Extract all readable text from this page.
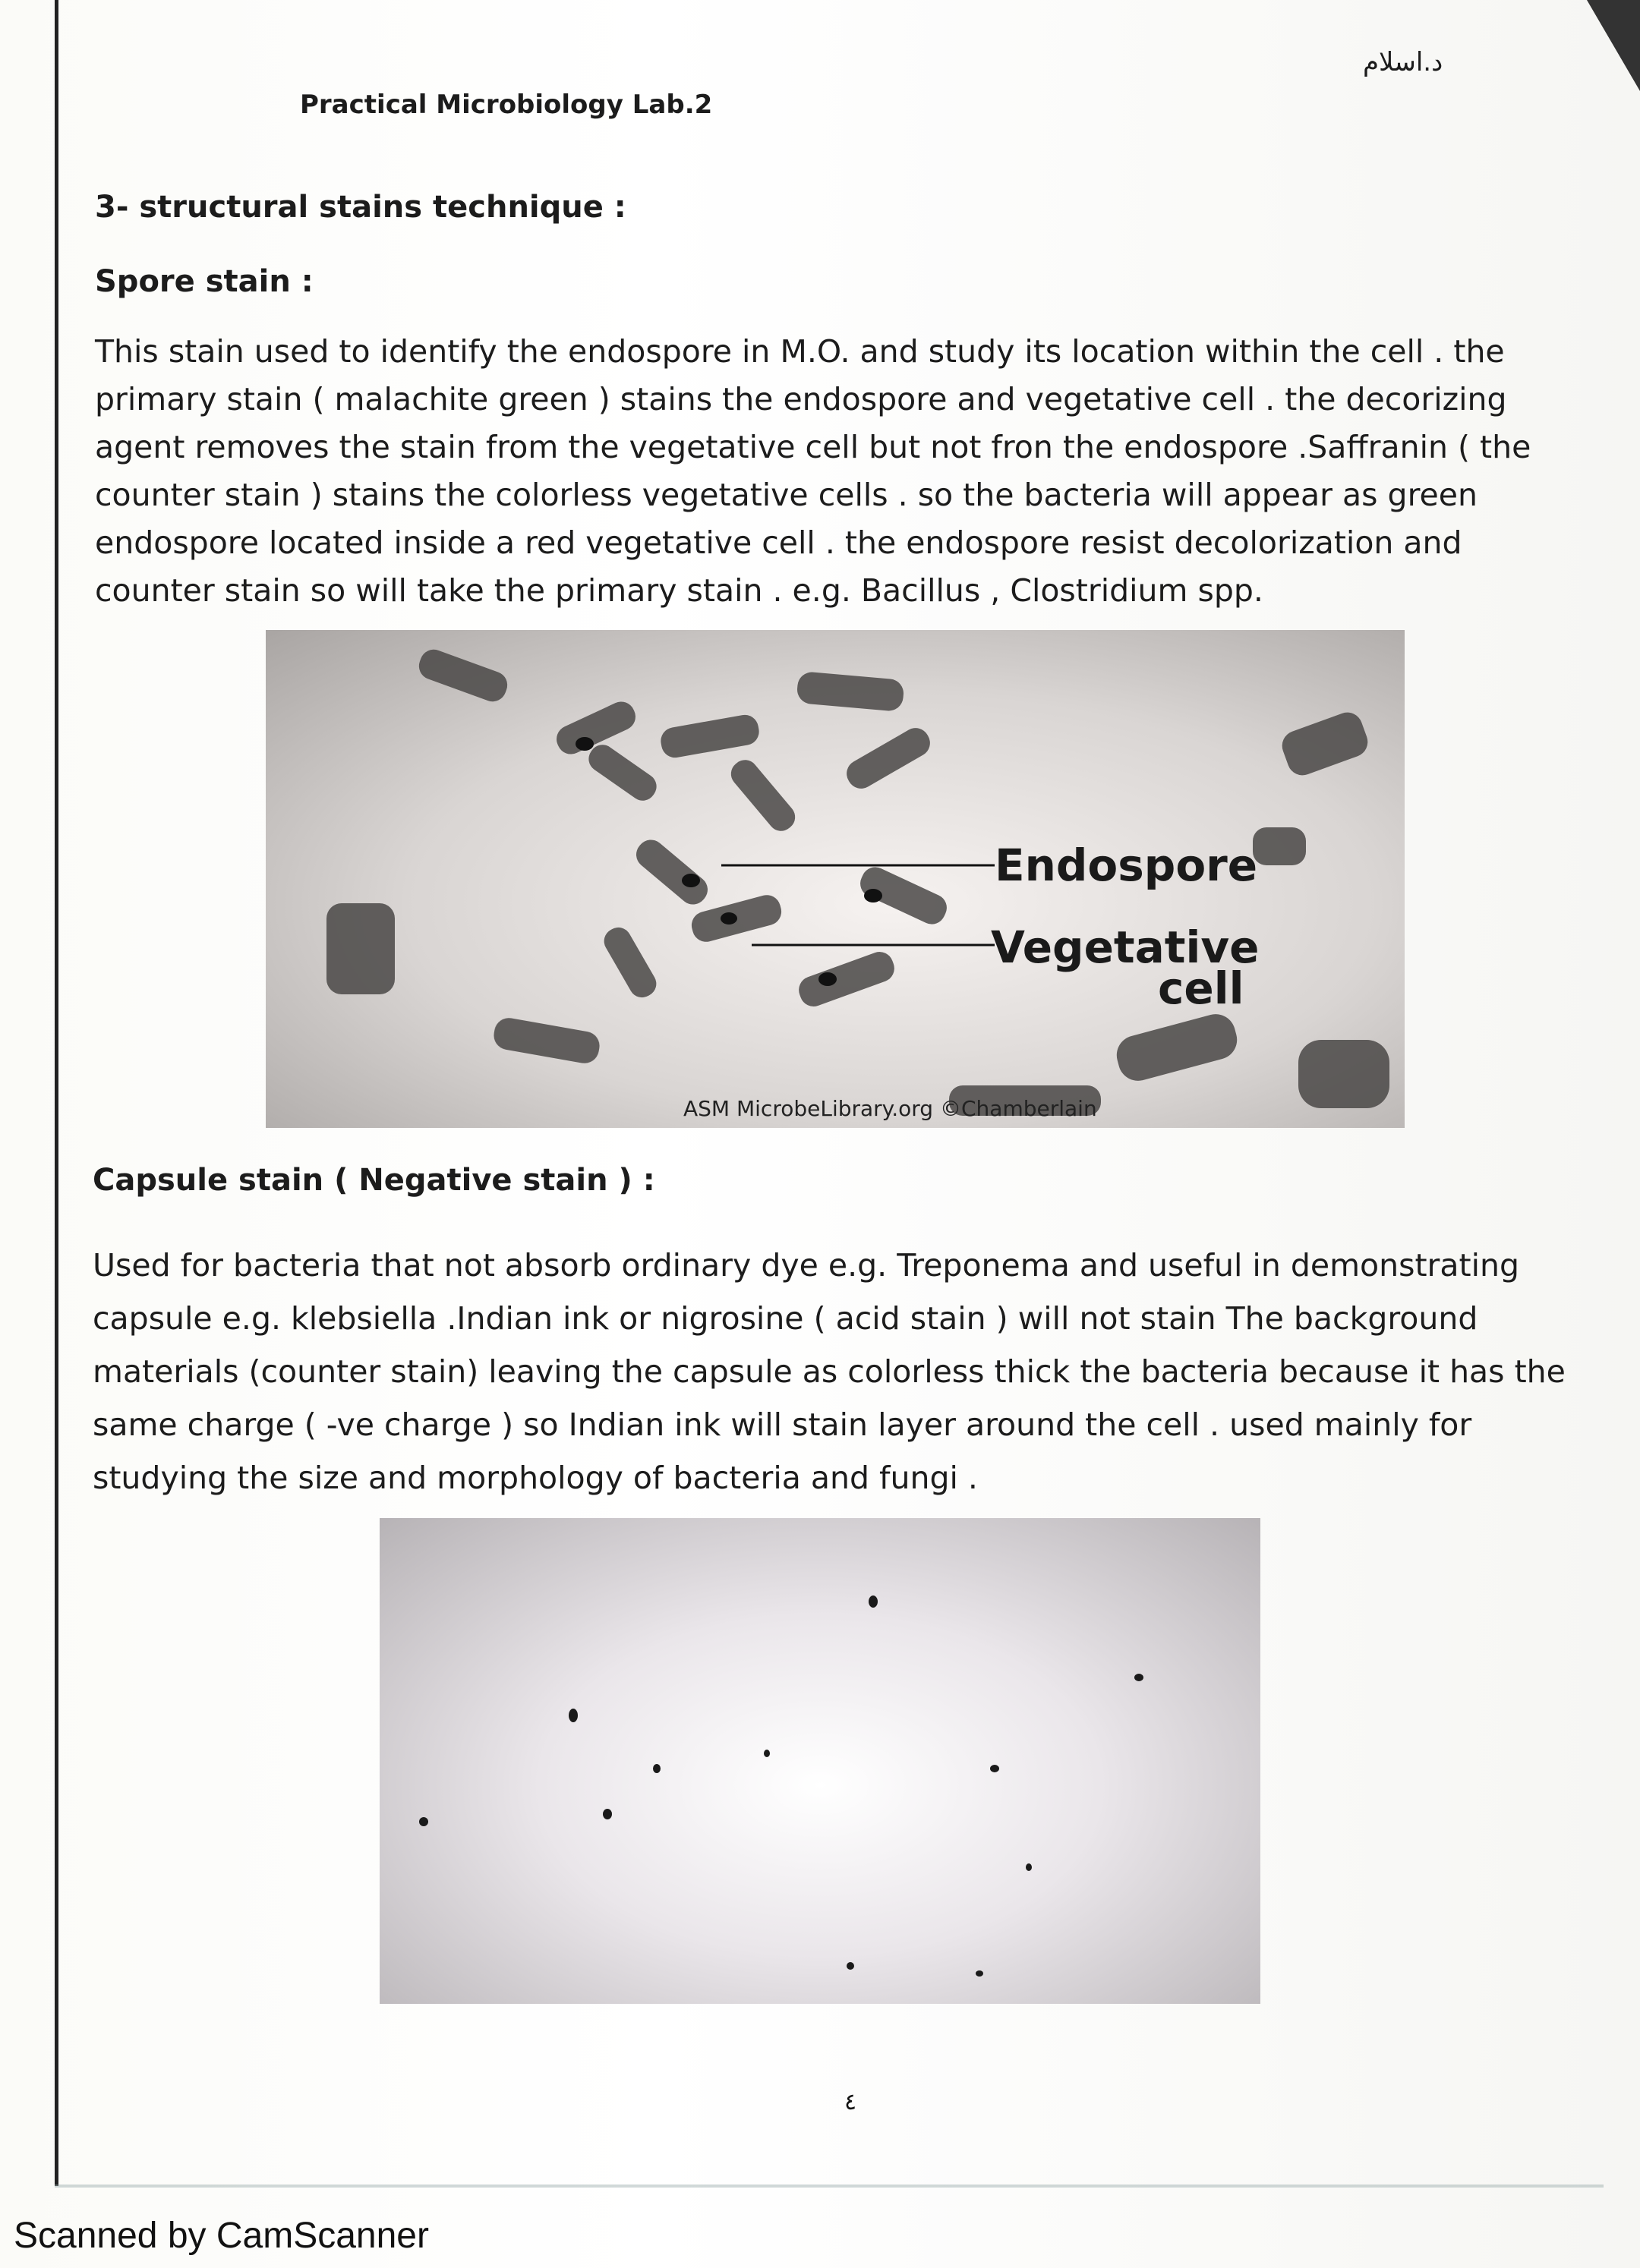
د.اسلام
Practical Microbiology Lab.2
3- structural stains technique :
Spore stain :

This stain used to identify the endospore in M.O. and study its location within the cell . the

primary stain ( malachite green ) stains the endospore and vegetative cell . the decorizing

agent removes the stain from the vegetative cell but not fron the endospore .Saffranin ( the

counter stain ) stains the colorless vegetative cells . so the bacteria will appear as green

endospore located inside a red vegetative cell . the endospore resist decolorization and

counter stain so will take the primary stain . e.g. Bacillus , Clostridium spp.

Endospore
Vegetative
cell
ASM MicrobeLibrary.org ©Chamberlain
Capsule stain ( Negative stain ) :

Used for bacteria that not absorb ordinary dye e.g. Treponema and useful in demonstrating

capsule e.g. klebsiella .Indian ink or nigrosine ( acid stain ) will not stain The background

materials (counter stain) leaving the capsule as colorless thick the bacteria because it has the

same charge ( -ve charge ) so Indian ink will stain layer around the cell . used mainly for

studying the size and morphology of bacteria and fungi .

٤
Scanned by CamScanner
